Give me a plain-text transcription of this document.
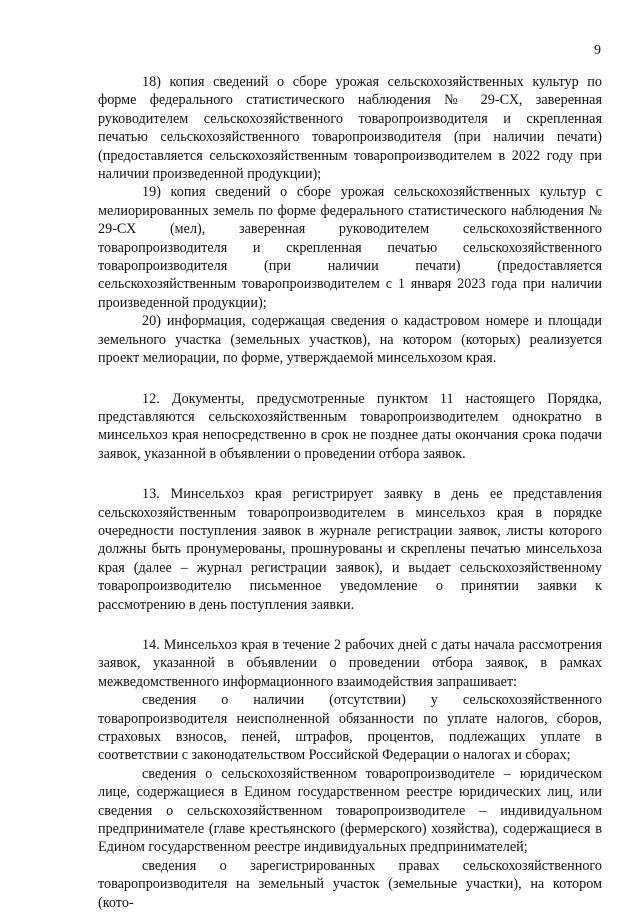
9

18) копия сведений о сборе урожая сельскохозяйственных культур по форме федерального статистического наблюдения № 29-СХ, заверенная руководителем сельскохозяйственного товаропроизводителя и скрепленная печатью сельскохозяйственного товаропроизводителя (при наличии печати) (предоставляется сельскохозяйственным товаропроизводителем в 2022 году при наличии произведенной продукции);

19) копия сведений о сборе урожая сельскохозяйственных культур с мелиорированных земель по форме федерального статистического наблюдения № 29-СХ (мел), заверенная руководителем сельскохозяйственного товаропроизводителя и скрепленная печатью сельскохозяйственного товаропроизводителя (при наличии печати) (предоставляется сельскохозяйственным товаропроизводителем с 1 января 2023 года при наличии произведенной продукции);

20) информация, содержащая сведения о кадастровом номере и площади земельного участка (земельных участков), на котором (которых) реализуется проект мелиорации, по форме, утверждаемой минсельхозом края.

12. Документы, предусмотренные пунктом 11 настоящего Порядка, представляются сельскохозяйственным товаропроизводителем однократно в минсельхоз края непосредственно в срок не позднее даты окончания срока подачи заявок, указанной в объявлении о проведении отбора заявок.

13. Минсельхоз края регистрирует заявку в день ее представления сельскохозяйственным товаропроизводителем в минсельхоз края в порядке очередности поступления заявок в журнале регистрации заявок, листы которого должны быть пронумерованы, прошнурованы и скреплены печатью минсельхоза края (далее – журнал регистрации заявок), и выдает сельскохозяйственному товаропроизводителю письменное уведомление о принятии заявки к рассмотрению в день поступления заявки.

14. Минсельхоз края в течение 2 рабочих дней с даты начала рассмотрения заявок, указанной в объявлении о проведении отбора заявок, в рамках межведомственного информационного взаимодействия запрашивает:

сведения о наличии (отсутствии) у сельскохозяйственного товаропроизводителя неисполненной обязанности по уплате налогов, сборов, страховых взносов, пеней, штрафов, процентов, подлежащих уплате в соответствии с законодательством Российской Федерации о налогах и сборах;

сведения о сельскохозяйственном товаропроизводителе – юридическом лице, содержащиеся в Едином государственном реестре юридических лиц, или сведения о сельскохозяйственном товаропроизводителе – индивидуальном предпринимателе (главе крестьянского (фермерского) хозяйства), содержащиеся в Едином государственном реестре индивидуальных предпринимателей;

сведения о зарегистрированных правах сельскохозяйственного товаропроизводителя на земельный участок (земельные участки), на котором (кото-
